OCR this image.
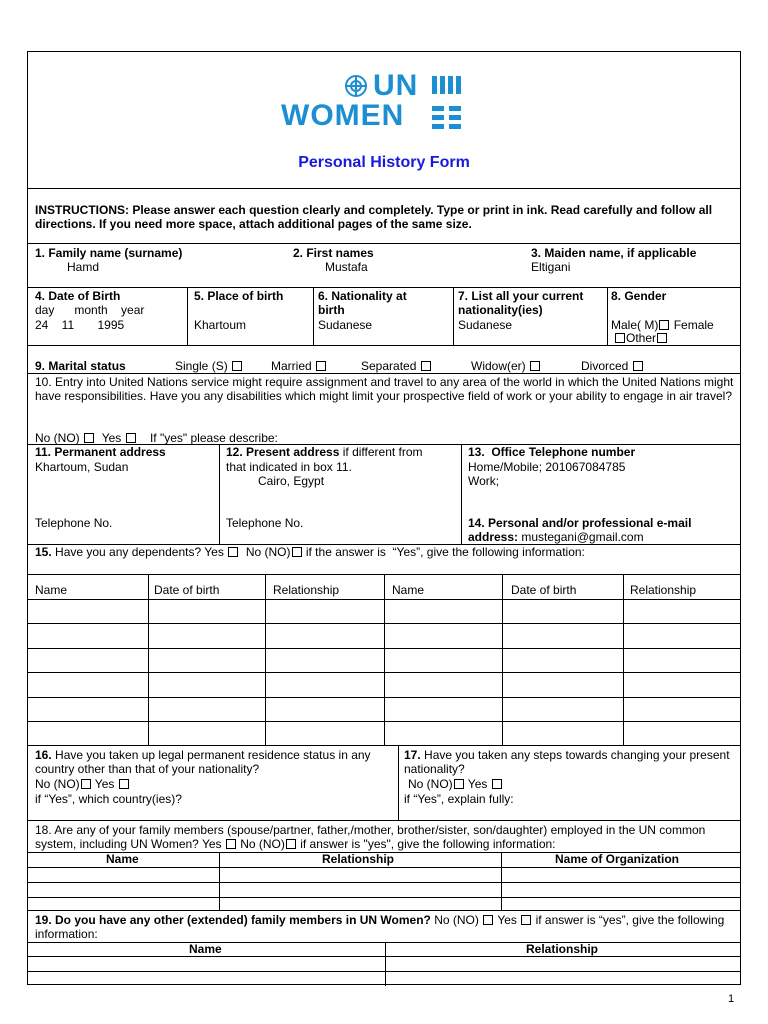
UN
WOMEN
Personal History Form
INSTRUCTIONS: Please answer each question clearly and completely. Type or print in ink. Read carefully and follow all directions. If you need more space, attach additional pages of the same size.
1. Family name (surname)
Hamd
2. First names
Mustafa
3. Maiden name, if applicable
Eltigani
4. Date of Birth
day      month    year
24    11       1995
5. Place of birth
Khartoum
6. Nationality at
birth
Sudanese
7. List all your current
nationality(ies)
Sudanese
8. Gender
Male( M) Female
Other
9. Marital status	Single (S)	Married	Separated	Widow(er)	Divorced
10. Entry into United Nations service might require assignment and travel to any area of the world in which the United Nations might have responsibilities. Have you any disabilities which might limit your prospective field of work or your ability to engage in air travel?
No (NO) Yes If "yes" please describe:
11. Permanent address
Khartoum, Sudan
Telephone No.
12. Present address if different from
that indicated in box 11.
Cairo, Egypt
Telephone No.
13.  Office Telephone number
Home/Mobile; 201067084785
Work;
14. Personal and/or professional e-mail
address: mustegani@gmail.com
15. Have you any dependents? Yes   No (NO) if the answer is  “Yes”, give the following information:
Name	Date of birth	Relationship	Name	Date of birth	Relationship
16. Have you taken up legal permanent residence status in any country other than that of your nationality?
No (NO) Yes
if “Yes”, which country(ies)?
17. Have you taken any steps towards changing your present nationality?
No (NO) Yes
if “Yes”, explain fully:
18. Are any of your family members (spouse/partner, father,/mother, brother/sister, son/daughter) employed in the UN common system, including UN Women? Yes  No (NO) if answer is "yes", give the following information:
Name	Relationship	Name of Organization
19. Do you have any other (extended) family members in UN Women? No (NO)  Yes  if answer is “yes”, give the following information:
Name	Relationship
1
